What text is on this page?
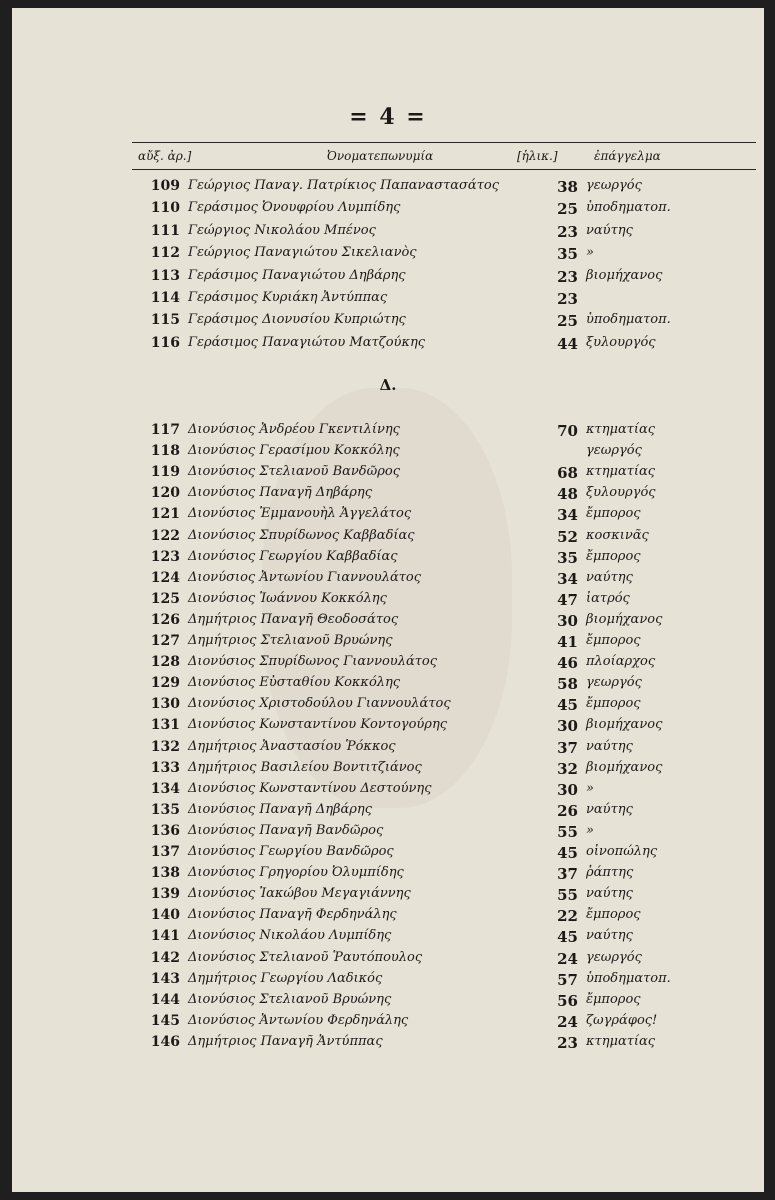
= 4 =
αὔξ. ἀρ.]	Ὀνοματεπωνυμία	[ἡλικ.]	ἐπάγγελμα
Δ.
109 Γεώργιος Παναγ. Πατρίκιος Παπαναστασάτος	38 γεωργός
110 Γεράσιμος Ὀνουφρίου Λυμπίδης	25 ὑποδηματοπ.
111 Γεώργιος Νικολάου Μπένος	23 ναύτης
112 Γεώργιος Παναγιώτου Σικελιανὸς	35 »
113 Γεράσιμος Παναγιώτου Δηβάρης	23 βιομήχανος
114 Γεράσιμος Κυριάκη Ἀντύππας	23
115 Γεράσιμος Διονυσίου Κυπριώτης	25 ὑποδηματοπ.
116 Γεράσιμος Παναγιώτου Ματζούκης	44 ξυλουργός
117 Διονύσιος Ἀνδρέου Γκεντιλίνης	70 κτηματίας
118 Διονύσιος Γερασίμου Κοκκόλης	γεωργός
119 Διονύσιος Στελιανοῦ Βανδῶρος	68 κτηματίας
120 Διονύσιος Παναγῆ Δηβάρης	48 ξυλουργός
121 Διονύσιος Ἐμμανουὴλ Ἀγγελάτος	34 ἔμπορος
122 Διονύσιος Σπυρίδωνος Καββαδίας	52 κοσκινᾶς
123 Διονύσιος Γεωργίου Καββαδίας	35 ἔμπορος
124 Διονύσιος Ἀντωνίου Γιαννουλάτος	34 ναύτης
125 Διονύσιος Ἰωάννου Κοκκόλης	47 ἰατρός
126 Δημήτριος Παναγῆ Θεοδοσάτος	30 βιομήχανος
127 Δημήτριος Στελιανοῦ Βρυώνης	41 ἔμπορος
128 Διονύσιος Σπυρίδωνος Γιαννουλάτος	46 πλοίαρχος
129 Διονύσιος Εὐσταθίου Κοκκόλης	58 γεωργός
130 Διονύσιος Χριστοδούλου Γιαννουλάτος	45 ἔμπορος
131 Διονύσιος Κωνσταντίνου Κοντογούρης	30 βιομήχανος
132 Δημήτριος Ἀναστασίου Ῥόκκος	37 ναύτης
133 Δημήτριος Βασιλείου Βοντιτζιάνος	32 βιομήχανος
134 Διονύσιος Κωνσταντίνου Δεστούνης	30 »
135 Διονύσιος Παναγῆ Δηβάρης	26 ναύτης
136 Διονύσιος Παναγῆ Βανδῶρος	55 »
137 Διονύσιος Γεωργίου Βανδῶρος	45 οἰνοπώλης
138 Διονύσιος Γρηγορίου Ὀλυμπίδης	37 ῥάπτης
139 Διονύσιος Ἰακώβου Μεγαγιάννης	55 ναύτης
140 Διονύσιος Παναγῆ Φερδηνάλης	22 ἔμπορος
141 Διονύσιος Νικολάου Λυμπίδης	45 ναύτης
142 Διονύσιος Στελιανοῦ Ῥαυτόπουλος	24 γεωργός
143 Δημήτριος Γεωργίου Λαδικός	57 ὑποδηματοπ.
144 Διονύσιος Στελιανοῦ Βρυώνης	56 ἔμπορος
145 Διονύσιος Ἀντωνίου Φερδηνάλης	24 ζωγράφος!
146 Δημήτριος Παναγῆ Ἀντύππας	23 κτηματίας
